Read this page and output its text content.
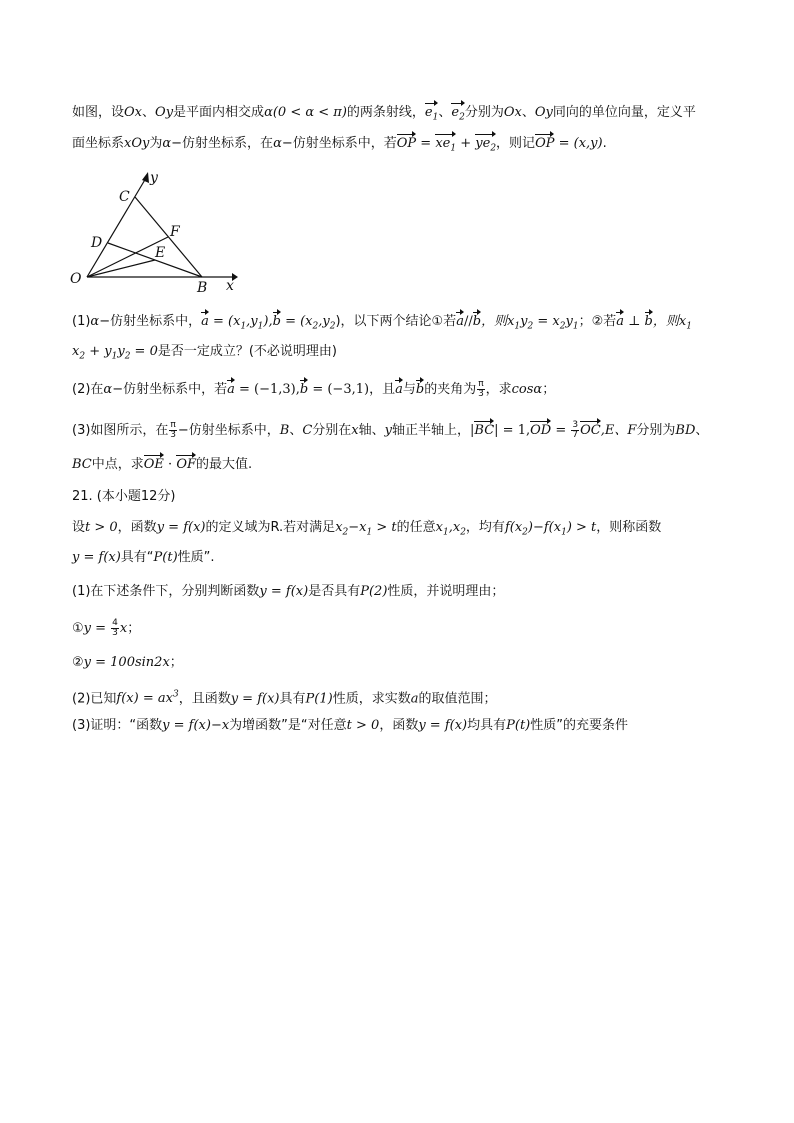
如图，设Ox、Oy是平面内相交成α(0 < α < π)的两条射线，$e_1$、$e_2$分别为Ox、Oy同向的单位向量，定义平
面坐标系xOy为α−仿射坐标系，在α−仿射坐标系中，若OP = $xe_1 + ye_2$，则记OP = (x,y).
O
B x
y
C
D
E
F
(1)α−仿射坐标系中，$a = (x_1,y_1),b = (x_2,y_2)$，以下两个结论①若a//b，则$x_1y_2 = x_2y_1$；②若a ⊥ b，则$x_1$
$x_2 + y_1y_2 = 0$是否一定成立？(不必说明理由)
(2)在α−仿射坐标系中，若a = (−1,3),b = (−3,1)，且a与b的夹角为 $\frac{\pi}{3}$ ，求cosα；
(3)如图所示，在 $\frac{\pi}{3}$ −仿射坐标系中，B、C分别在x轴、y轴正半轴上，$|BC| = 1,OD = \frac{3}{7} OC,E$、F分别为BD、
BC中点，求OE · OF的最大值.
21. (本小题12分)
设t > 0，函数y = f(x)的定义域为R.若对满足$x_2-x_1 > t$的任意$x_1,x_2$，均有$f(x_2)-f(x_1) > t$，则称函数
y = f(x)具有“P(t)性质”.
(1)在下述条件下，分别判断函数y = f(x)是否具有P(2)性质，并说明理由；
①y = $\frac{4}{3}$ x；
②y = 100sin2x；
(2)已知$f(x) = ax^3$，且函数y = f(x)具有P(1)性质，求实数a的取值范围；
(3)证明：“函数y = f(x)−x为增函数”是“对任意t > 0，函数y = f(x)均具有P(t)性质”的充要条件
